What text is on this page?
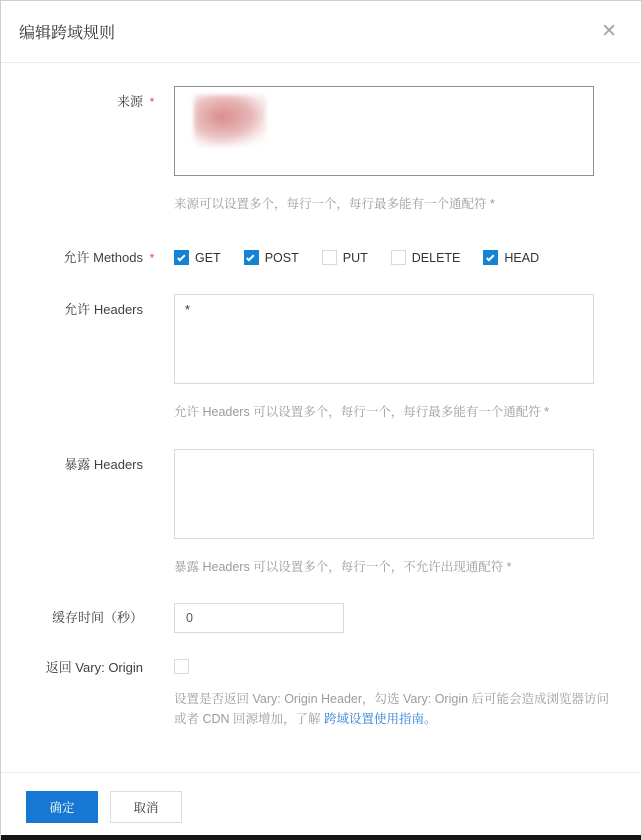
编辑跨域规则	✕
来源 *
来源可以设置多个，每行一个，每行最多能有一个通配符 *
允许 Methods *	GET	POST	PUT	DELETE	HEAD
允许 Headers
*
允许 Headers 可以设置多个，每行一个，每行最多能有一个通配符 *
暴露 Headers
暴露 Headers 可以设置多个，每行一个，不允许出现通配符 *
缓存时间（秒）
0
返回 Vary: Origin
设置是否返回 Vary: Origin Header，勾选 Vary: Origin 后可能会造成浏览器访问或者 CDN 回源增加，了解 跨域设置使用指南。
确定	取消
